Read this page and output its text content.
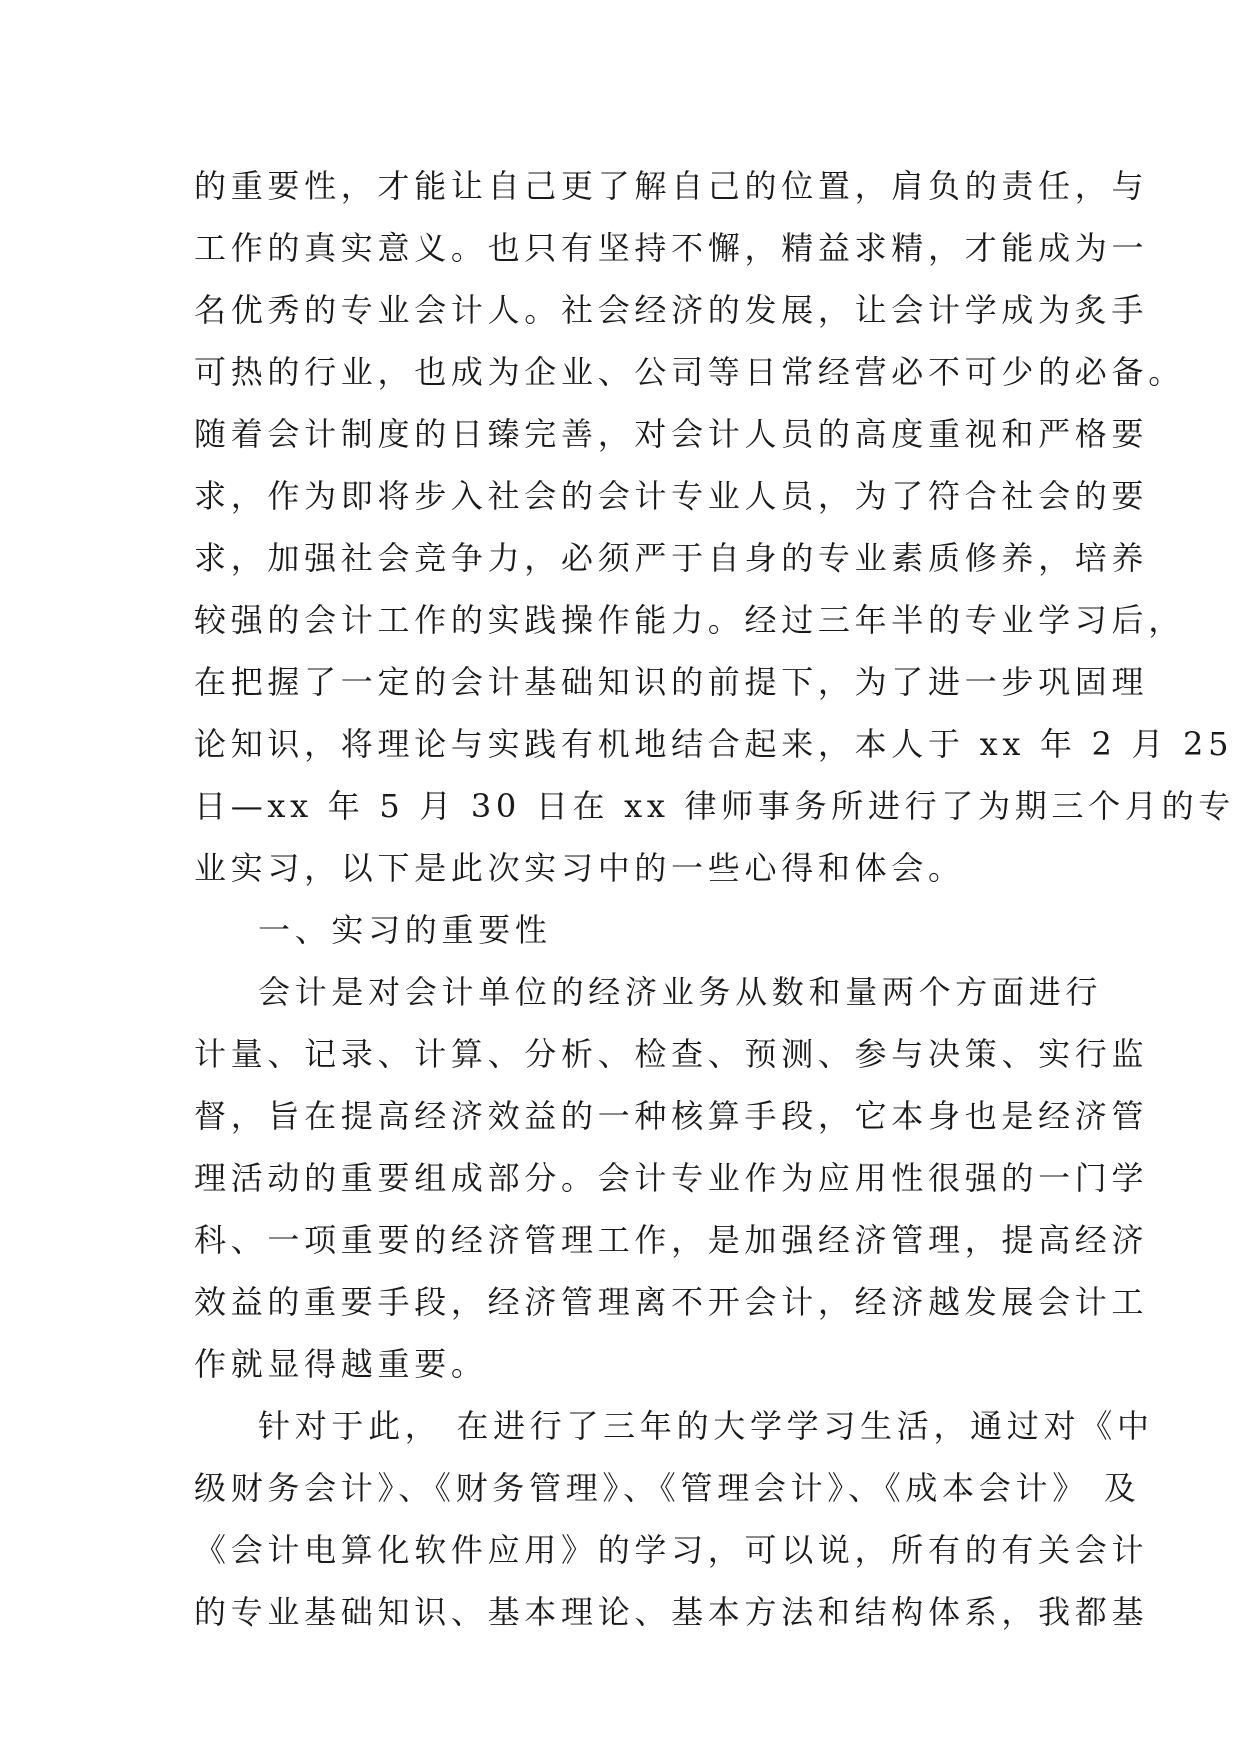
的重要性，才能让自己更了解自己的位置，肩负的责任，与
工作的真实意义。也只有坚持不懈，精益求精，才能成为一
名优秀的专业会计人。社会经济的发展，让会计学成为炙手
可热的行业，也成为企业、公司等日常经营必不可少的必备。
随着会计制度的日臻完善，对会计人员的高度重视和严格要
求，作为即将步入社会的会计专业人员，为了符合社会的要
求，加强社会竞争力，必须严于自身的专业素质修养，培养
较强的会计工作的实践操作能力。经过三年半的专业学习后，
在把握了一定的会计基础知识的前提下，为了进一步巩固理
论知识，将理论与实践有机地结合起来，本人于 xx 年 2 月 25
日—xx 年 5 月 30 日在 xx 律师事务所进行了为期三个月的专
业实习，以下是此次实习中的一些心得和体会。
一、实习的重要性
会计是对会计单位的经济业务从数和量两个方面进行
计量、记录、计算、分析、检查、预测、参与决策、实行监
督，旨在提高经济效益的一种核算手段，它本身也是经济管
理活动的重要组成部分。会计专业作为应用性很强的一门学
科、一项重要的经济管理工作，是加强经济管理，提高经济
效益的重要手段，经济管理离不开会计，经济越发展会计工
作就显得越重要。
针对于此， 在进行了三年的大学学习生活，通过对《中
级财务会计》、《财务管理》、《管理会计》、《成本会计》 及
《会计电算化软件应用》的学习，可以说，所有的有关会计
的专业基础知识、基本理论、基本方法和结构体系，我都基
